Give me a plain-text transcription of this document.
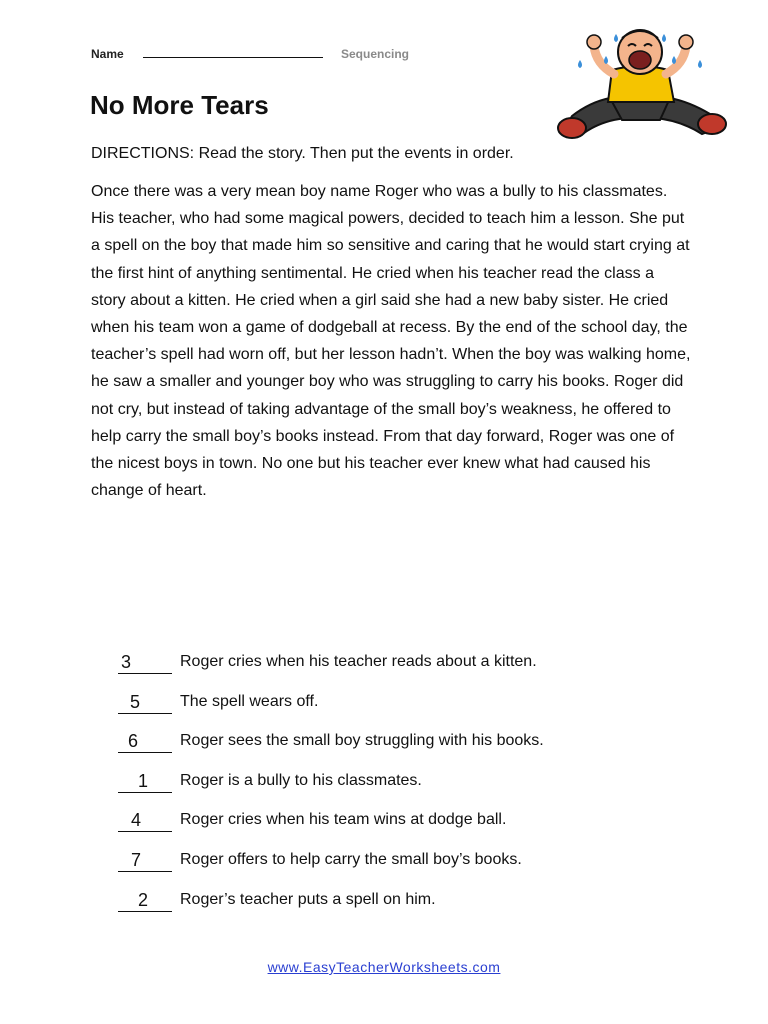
Name	Sequencing
No More Tears
DIRECTIONS: Read the story. Then put the events in order.

Once there was a very mean boy name Roger who was a bully to his classmates. His teacher, who had some magical powers, decided to teach him a lesson. She put a spell on the boy that made him so sensitive and caring that he would start crying at the first hint of anything sentimental. He cried when his teacher read the class a story about a kitten. He cried when a girl said she had a new baby sister. He cried when his team won a game of dodgeball at recess. By the end of the school day, the teacher’s spell had worn off, but her lesson hadn’t. When the boy was walking home, he saw a smaller and younger boy who was struggling to carry his books. Roger did not cry, but instead of taking advantage of the small boy’s weakness, he offered to help carry the small boy’s books instead. From that day forward, Roger was one of the nicest boys in town. No one but his teacher ever knew what had caused his change of heart.

3	Roger cries when his teacher reads about a kitten.
5	The spell wears off.
6	Roger sees the small boy struggling with his books.
1	Roger is a bully to his classmates.
4	Roger cries when his team wins at dodge ball.
7	Roger offers to help carry the small boy’s books.
2	Roger’s teacher puts a spell on him.
www.EasyTeacherWorksheets.com
